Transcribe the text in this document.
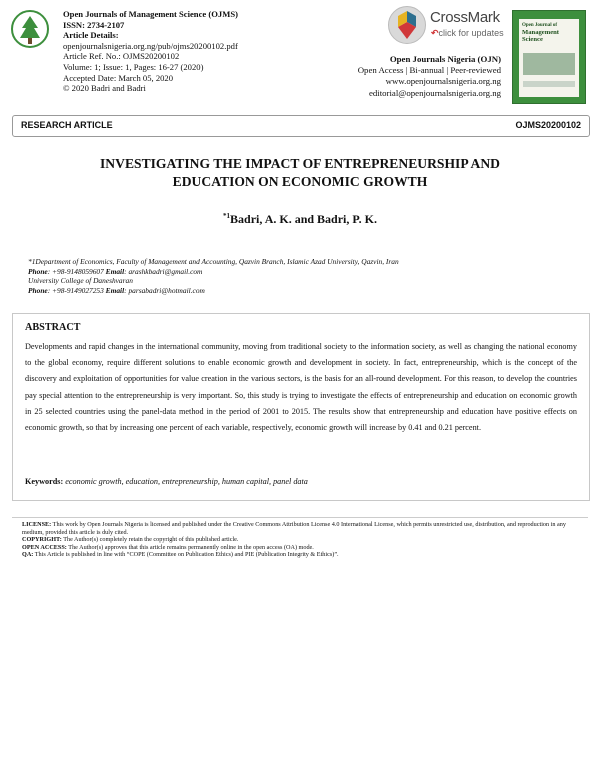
Open Journals of Management Science (OJMS)
ISSN: 2734-2107
Article Details:
openjournalsnigeria.org.ng/pub/ojms20200102.pdf
Article Ref. No.: OJMS20200102
Volume: 1; Issue: 1, Pages: 16-27 (2020)
Accepted Date: March 05, 2020
© 2020 Badri and Badri
CrossMark
↶click for updates
Open Journals Nigeria (OJN)
Open Access | Bi-annual | Peer-reviewed
www.openjournalsnigeria.org.ng
editorial@openjournalsnigeria.org.ng
Open Journal of
Management Science
RESEARCH ARTICLE	OJMS20200102
INVESTIGATING THE IMPACT OF ENTREPRENEURSHIP AND
EDUCATION ON ECONOMIC GROWTH
$^{*1}$Badri, A. K. and Badri, P. K.
*1Department of Economics, Faculty of Management and Accounting, Qazvin Branch, Islamic Azad University, Qazvin, Iran
Phone: +98-9148059607 Email: arashkbadri@gmail.com
University College of Daneshvaran
Phone: +98-9149027253 Email: parsabadri@hotmail.com
ABSTRACT
Developments and rapid changes in the international community, moving from traditional society to the information society, as well as changing the national economy to the global economy, require different solutions to enable economic growth and development in society. In fact, entrepreneurship, which is the concept of the discovery and exploitation of opportunities for value creation in the various sectors, is the basis for an all-round development. For this reason, to develop the countries pay special attention to the entrepreneurship is very important. So, this study is trying to investigate the effects of entrepreneurship and education on economic growth in 25 selected countries using the panel-data method in the period of 2001 to 2015. The results show that entrepreneurship and education have positive effects on economic growth, so that by increasing one percent of each variable, respectively, economic growth will increase by 0.41 and 0.21 percent.
Keywords: economic growth, education, entrepreneurship, human capital, panel data
LICENSE: This work by Open Journals Nigeria is licensed and published under the Creative Commons Attribution License 4.0 International License, which permits unrestricted use, distribution, and reproduction in any medium, provided this article is duly cited.
COPYRIGHT: The Author(s) completely retain the copyright of this published article.
OPEN ACCESS: The Author(s) approves that this article remains permanently online in the open access (OA) mode.
QA: This Article is published in line with “COPE (Committee on Publication Ethics) and PIE (Publication Integrity & Ethics)”.
